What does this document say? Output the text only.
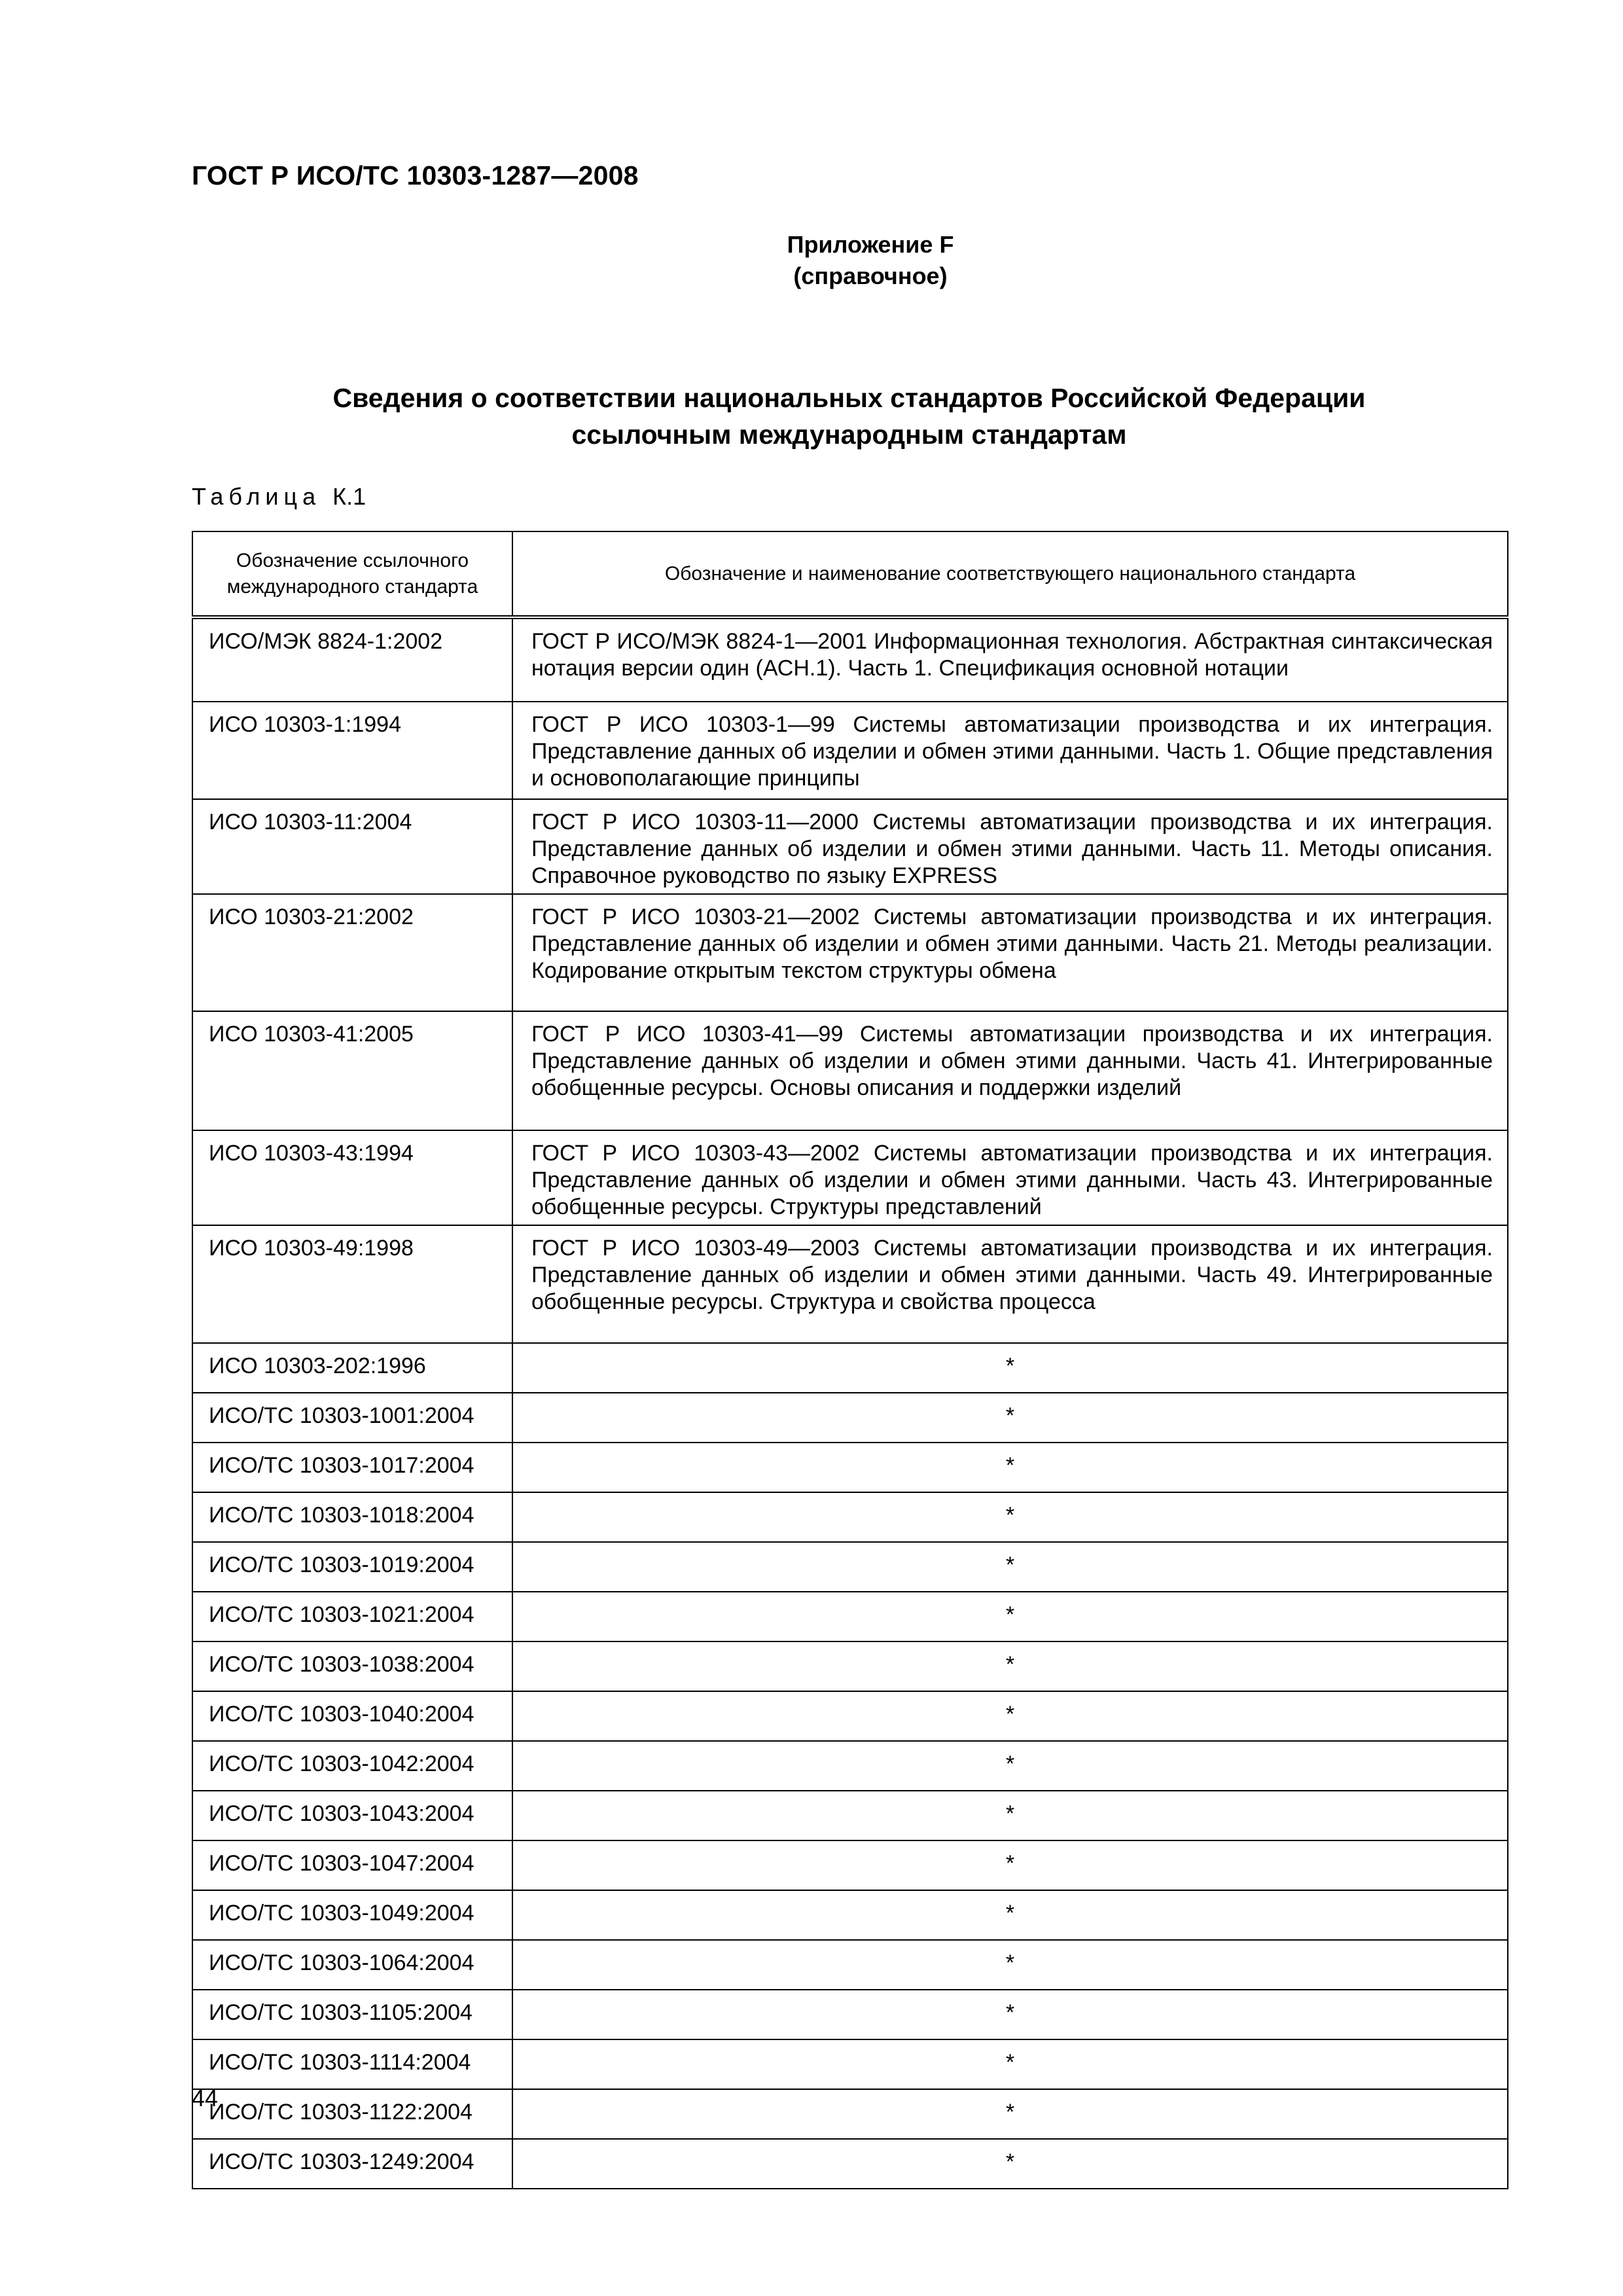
ГОСТ Р ИСО/ТС 10303-1287—2008
Приложение F
(справочное)
Сведения о соответствии национальных стандартов Российской Федерации
ссылочным международным стандартам
Таблица К.1
Обозначение ссылочного международного стандарта	Обозначение и наименование соответствующего национального стандарта

ИСО/МЭК 8824-1:2002	ГОСТ Р ИСО/МЭК 8824-1—2001 Информационная технология. Абстрактная синтаксическая нотация версии один (АСН.1). Часть 1. Спецификация основной нотации
ИСО 10303-1:1994	ГОСТ Р ИСО 10303-1—99 Системы автоматизации производства и их интеграция. Представление данных об изделии и обмен этими данными. Часть 1. Общие представления и основополагающие принципы
ИСО 10303-11:2004	ГОСТ Р ИСО 10303-11—2000 Системы автоматизации производства и их интеграция. Представление данных об изделии и обмен этими данными. Часть 11. Методы описания. Справочное руководство по языку EXPRESS
ИСО 10303-21:2002	ГОСТ Р ИСО 10303-21—2002 Системы автоматизации производства и их интеграция. Представление данных об изделии и обмен этими данными. Часть 21. Методы реализации. Кодирование открытым текстом структуры обмена
ИСО 10303-41:2005	ГОСТ Р ИСО 10303-41—99 Системы автоматизации производства и их интеграция. Представление данных об изделии и обмен этими данными. Часть 41. Интегрированные обобщенные ресурсы. Основы описания и поддержки изделий
ИСО 10303-43:1994	ГОСТ Р ИСО 10303-43—2002 Системы автоматизации производства и их интеграция. Представление данных об изделии и обмен этими данными. Часть 43. Интегрированные обобщенные ресурсы. Структуры представлений
ИСО 10303-49:1998	ГОСТ Р ИСО 10303-49—2003 Системы автоматизации производства и их интеграция. Представление данных об изделии и обмен этими данными. Часть 49. Интегрированные обобщенные ресурсы. Структура и свойства процесса
ИСО 10303-202:1996	*
ИСО/ТС 10303-1001:2004	*
ИСО/ТС 10303-1017:2004	*
ИСО/ТС 10303-1018:2004	*
ИСО/ТС 10303-1019:2004	*
ИСО/ТС 10303-1021:2004	*
ИСО/ТС 10303-1038:2004	*
ИСО/ТС 10303-1040:2004	*
ИСО/ТС 10303-1042:2004	*
ИСО/ТС 10303-1043:2004	*
ИСО/ТС 10303-1047:2004	*
ИСО/ТС 10303-1049:2004	*
ИСО/ТС 10303-1064:2004	*
ИСО/ТС 10303-1105:2004	*
ИСО/ТС 10303-1114:2004	*
ИСО/ТС 10303-1122:2004	*
ИСО/ТС 10303-1249:2004	*
44
